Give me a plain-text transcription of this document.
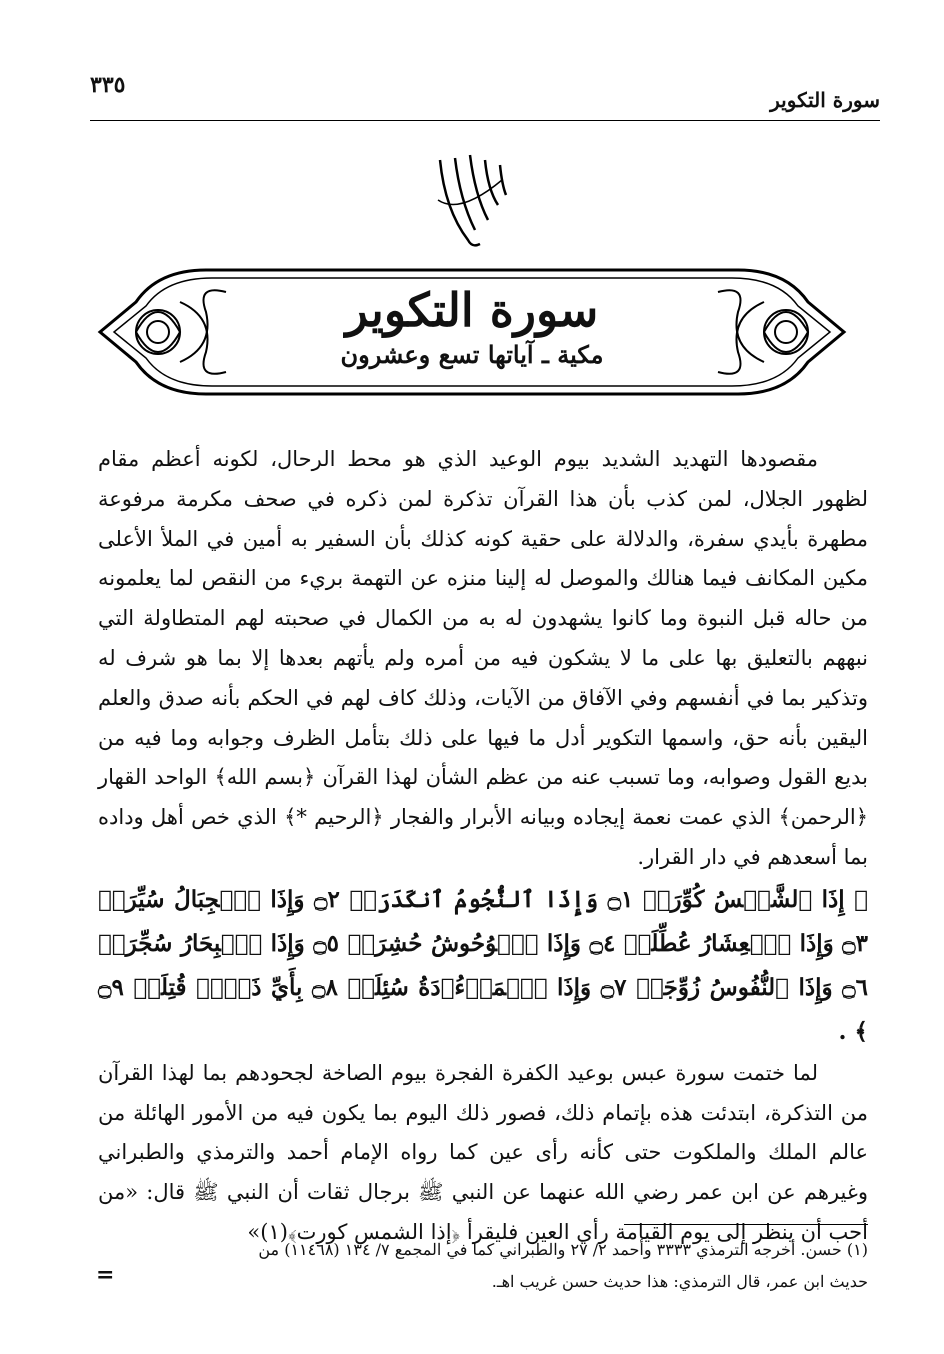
سورة التكوير
٣٣٥
سورة التكوير
مكية ـ آياتها تسع وعشرون

مقصودها التهديد الشديد بيوم الوعيد الذي هو محط الرحال، لكونه أعظم مقام لظهور الجلال، لمن كذب بأن هذا القرآن تذكرة لمن ذكره في صحف مكرمة مرفوعة مطهرة بأيدي سفرة، والدلالة على حقية كونه كذلك بأن السفير به أمين في الملأ الأعلى مكين المكانف فيما هنالك والموصل له إلينا منزه عن التهمة بريء من النقص لما يعلمونه من حاله قبل النبوة وما كانوا يشهدون له به من الكمال في صحبته لهم المتطاولة التي نبههم بالتعليق بها على ما لا يشكون فيه من أمره ولم يأتهم بعدها إلا بما هو شرف له وتذكير بما في أنفسهم وفي الآفاق من الآيات، وذلك كاف لهم في الحكم بأنه صدق والعلم اليقين بأنه حق، واسمها التكوير أدل ما فيها على ذلك بتأمل الظرف وجوابه وما فيه من بديع القول وصوابه، وما تسبب عنه من عظم الشأن لهذا القرآن ﴿بسم الله﴾ الواحد القهار ﴿الرحمن﴾ الذي عمت نعمة إيجاده وبيانه الأبرار والفجار ﴿الرحيم *﴾ الذي خص أهل وداده بما أسعدهم في دار القرار.

﴿ إِذَا ٱلشَّمۡسُ كُوِّرَتۡ ۝١ وَإِذَا ٱلنُّجُومُ ٱنكَدَرَتۡ ۝٢ وَإِذَا ٱلۡجِبَالُ سُيِّرَتۡ ۝٣ وَإِذَا ٱلۡعِشَارُ عُطِّلَتۡ ۝٤ وَإِذَا ٱلۡوُحُوشُ حُشِرَتۡ ۝٥ وَإِذَا ٱلۡبِحَارُ سُجِّرَتۡ ۝٦ وَإِذَا ٱلنُّفُوسُ زُوِّجَتۡ ۝٧ وَإِذَا ٱلۡمَوۡءُۥدَةُ سُئِلَتۡ ۝٨ بِأَيِّ ذَنۢبٖ قُتِلَتۡ ۝٩ ﴾ .

لما ختمت سورة عبس بوعيد الكفرة الفجرة بيوم الصاخة لجحودهم بما لهذا القرآن من التذكرة، ابتدئت هذه بإتمام ذلك، فصور ذلك اليوم بما يكون فيه من الأمور الهائلة من عالم الملك والملكوت حتى كأنه رأى عين كما رواه الإمام أحمد والترمذي والطبراني وغيرهم عن ابن عمر رضي الله عنهما عن النبي ﷺ برجال ثقات أن النبي ﷺ قال: «من أحب أن ينظر إلى يوم القيامة رأي العين فليقرأ ﴿إذا الشمس كورت﴾(١)»

(١) حسن. أخرجه الترمذي ٣٣٣٣ وأحمد ٢/ ٢٧ والطبراني كما في المجمع ٧/ ١٣٤ (١١٤٦٨) من

حديث ابن عمر، قال الترمذي: هذا حديث حسن غريب اهـ.

=
